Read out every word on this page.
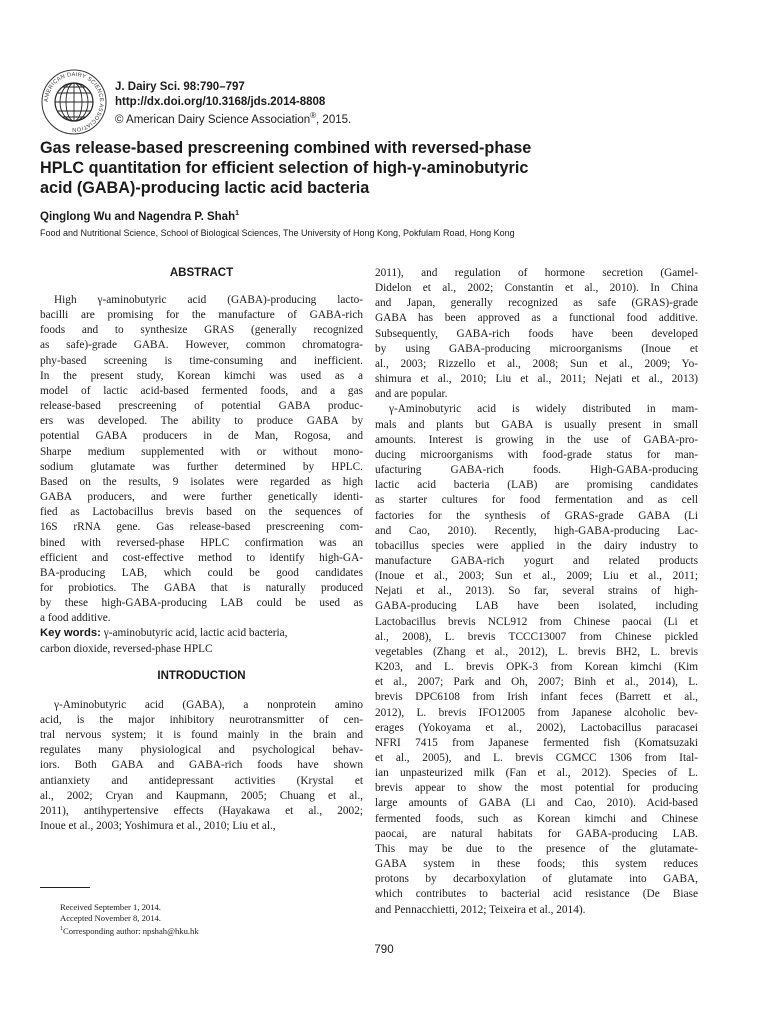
AMERICAN DAIRY SCIENCE ASSOCIATION
J. Dairy Sci. 98:790–797
http://dx.doi.org/10.3168/jds.2014-8808
© American Dairy Science Association®, 2015.
Gas release-based prescreening combined with reversed-phase
HPLC quantitation for efficient selection of high-γ-aminobutyric
acid (GABA)-producing lactic acid bacteria
Qinglong Wu and Nagendra P. Shah$^1$
Food and Nutritional Science, School of Biological Sciences, The University of Hong Kong, Pokfulam Road, Hong Kong
ABSTRACT
High γ-aminobutyric acid (GABA)-producing lacto-
bacilli are promising for the manufacture of GABA-rich
foods and to synthesize GRAS (generally recognized
as safe)-grade GABA. However, common chromatogra-
phy-based screening is time-consuming and inefficient.
In the present study, Korean kimchi was used as a
model of lactic acid-based fermented foods, and a gas
release-based prescreening of potential GABA produc-
ers was developed. The ability to produce GABA by
potential GABA producers in de Man, Rogosa, and
Sharpe medium supplemented with or without mono-
sodium glutamate was further determined by HPLC.
Based on the results, 9 isolates were regarded as high
GABA producers, and were further genetically identi-
fied as Lactobacillus brevis based on the sequences of
16S rRNA gene. Gas release-based prescreening com-
bined with reversed-phase HPLC confirmation was an
efficient and cost-effective method to identify high-GA-
BA-producing LAB, which could be good candidates
for probiotics. The GABA that is naturally produced
by these high-GABA-producing LAB could be used as
a food additive.
Key words: γ-aminobutyric acid, lactic acid bacteria,
carbon dioxide, reversed-phase HPLC
INTRODUCTION
γ-Aminobutyric acid (GABA), a nonprotein amino
acid, is the major inhibitory neurotransmitter of cen-
tral nervous system; it is found mainly in the brain and
regulates many physiological and psychological behav-
iors. Both GABA and GABA-rich foods have shown
antianxiety and antidepressant activities (Krystal et
al., 2002; Cryan and Kaupmann, 2005; Chuang et al.,
2011), antihypertensive effects (Hayakawa et al., 2002;
Inoue et al., 2003; Yoshimura et al., 2010; Liu et al.,
2011), and regulation of hormone secretion (Gamel-
Didelon et al., 2002; Constantin et al., 2010). In China
and Japan, generally recognized as safe (GRAS)-grade
GABA has been approved as a functional food additive.
Subsequently, GABA-rich foods have been developed
by using GABA-producing microorganisms (Inoue et
al., 2003; Rizzello et al., 2008; Sun et al., 2009; Yo-
shimura et al., 2010; Liu et al., 2011; Nejati et al., 2013)
and are popular.
γ-Aminobutyric acid is widely distributed in mam-
mals and plants but GABA is usually present in small
amounts. Interest is growing in the use of GABA-pro-
ducing microorganisms with food-grade status for man-
ufacturing GABA-rich foods. High-GABA-producing
lactic acid bacteria (LAB) are promising candidates
as starter cultures for food fermentation and as cell
factories for the synthesis of GRAS-grade GABA (Li
and Cao, 2010). Recently, high-GABA-producing Lac-
tobacillus species were applied in the dairy industry to
manufacture GABA-rich yogurt and related products
(Inoue et al., 2003; Sun et al., 2009; Liu et al., 2011;
Nejati et al., 2013). So far, several strains of high-
GABA-producing LAB have been isolated, including
Lactobacillus brevis NCL912 from Chinese paocai (Li et
al., 2008), L. brevis TCCC13007 from Chinese pickled
vegetables (Zhang et al., 2012), L. brevis BH2, L. brevis
K203, and L. brevis OPK-3 from Korean kimchi (Kim
et al., 2007; Park and Oh, 2007; Binh et al., 2014), L.
brevis DPC6108 from Irish infant feces (Barrett et al.,
2012), L. brevis IFO12005 from Japanese alcoholic bev-
erages (Yokoyama et al., 2002), Lactobacillus paracasei
NFRI 7415 from Japanese fermented fish (Komatsuzaki
et al., 2005), and L. brevis CGMCC 1306 from Ital-
ian unpasteurized milk (Fan et al., 2012). Species of L.
brevis appear to show the most potential for producing
large amounts of GABA (Li and Cao, 2010). Acid-based
fermented foods, such as Korean kimchi and Chinese
paocai, are natural habitats for GABA-producing LAB.
This may be due to the presence of the glutamate-
GABA system in these foods; this system reduces
protons by decarboxylation of glutamate into GABA,
which contributes to bacterial acid resistance (De Biase
and Pennacchietti, 2012; Teixeira et al., 2014).
Received September 1, 2014.
Accepted November 8, 2014.
$^1$Corresponding author: npshah@hku.hk
790
